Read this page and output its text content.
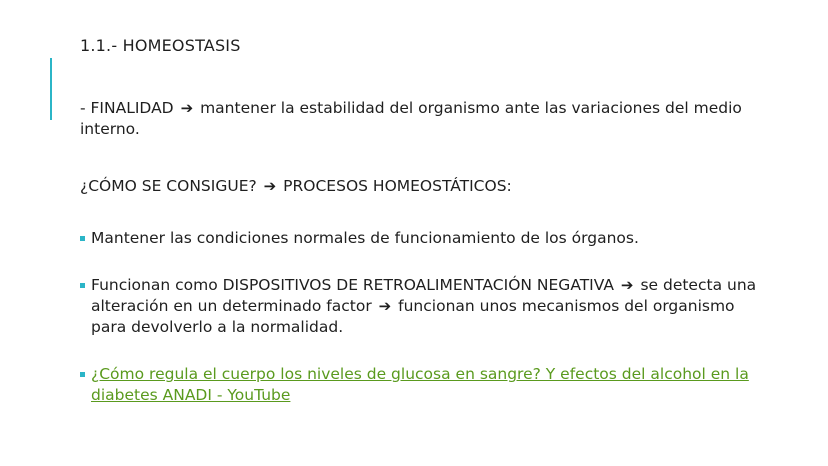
1.1.- HOMEOSTASIS

- FINALIDAD ➔ mantener la estabilidad del organismo ante las variaciones del medio interno.

¿CÓMO SE CONSIGUE? ➔ PROCESOS HOMEOSTÁTICOS:

Mantener las condiciones normales de funcionamiento de los órganos.
Funcionan como DISPOSITIVOS DE RETROALIMENTACIÓN NEGATIVA ➔ se detecta una alteración en un determinado factor ➔ funcionan unos mecanismos del organismo para devolverlo a la normalidad.
¿Cómo regula el cuerpo los niveles de glucosa en sangre? Y efectos del alcohol en la diabetes ANADI - YouTube
